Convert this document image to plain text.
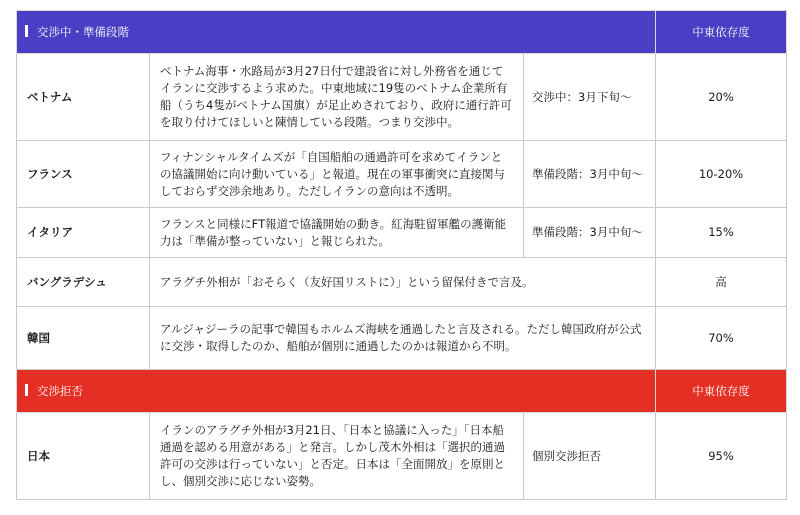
交渉中・準備段階			中東依存度
ベトナム	ベトナム海事・水路局が3月27日付で建設省に対し外務省を通じてイランに交渉するよう求めた。中東地域に19隻のベトナム企業所有船（うち4隻がベトナム国旗）が足止めされており、政府に通行許可を取り付けてほしいと陳情している段階。つまり交渉中。	交渉中：3月下旬〜	20%
フランス	フィナンシャルタイムズが「自国船舶の通過許可を求めてイランとの協議開始に向け動いている」と報道。現在の軍事衝突に直接関与しておらず交渉余地あり。ただしイランの意向は不透明。	準備段階：3月中旬〜	10-20%
イタリア	フランスと同様にFT報道で協議開始の動き。紅海駐留軍艦の護衛能力は「準備が整っていない」と報じられた。	準備段階：3月中旬〜	15%
バングラデシュ	アラグチ外相が「おそらく（友好国リストに）」という留保付きで言及。		高
韓国	アルジャジーラの記事で韓国もホルムズ海峡を通過したと言及される。ただし韓国政府が公式に交渉・取得したのか、船舶が個別に通過したのかは報道から不明。		70%
交渉拒否			中東依存度
日本	イランのアラグチ外相が3月21日、「日本と協議に入った」「日本船通過を認める用意がある」と発言。しかし茂木外相は「選択的通過許可の交渉は行っていない」と否定。日本は「全面開放」を原則とし、個別交渉に応じない姿勢。	個別交渉拒否	95%
